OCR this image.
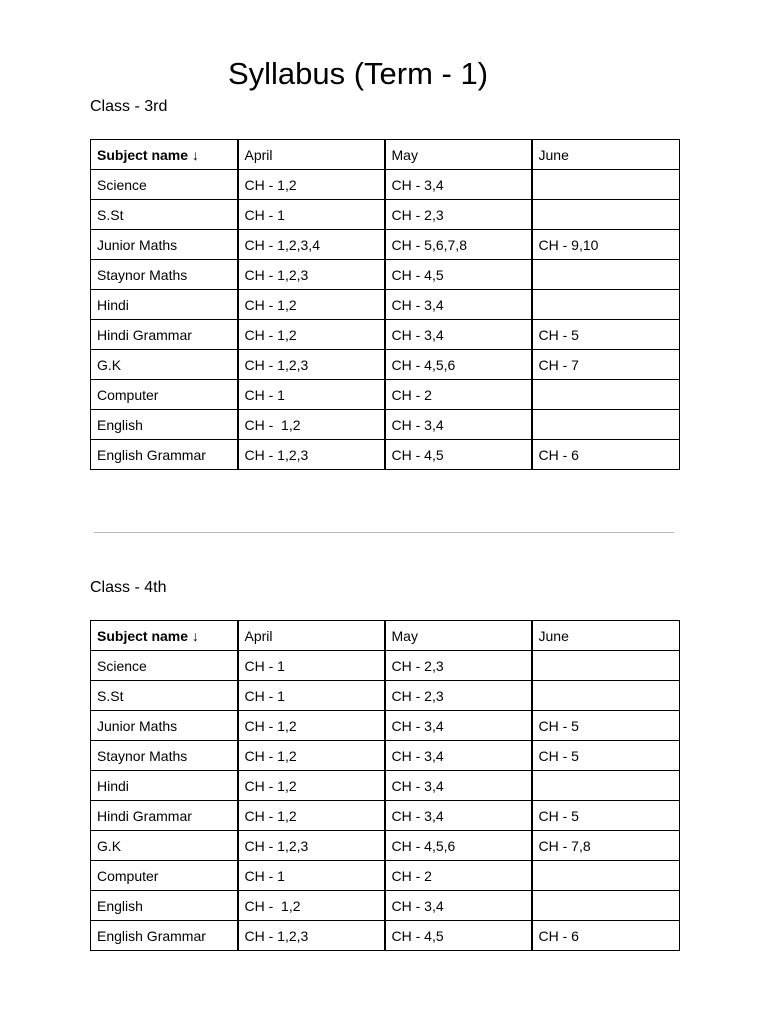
Syllabus (Term - 1)
Class - 3rd
Subject name ↓	April	May	June
Science	CH - 1,2	CH - 3,4	
S.St	CH - 1	CH - 2,3	
Junior Maths	CH - 1,2,3,4	CH - 5,6,7,8	CH - 9,10
Staynor Maths	CH - 1,2,3	CH - 4,5	
Hindi	CH - 1,2	CH - 3,4	
Hindi Grammar	CH - 1,2	CH - 3,4	CH - 5
G.K	CH - 1,2,3	CH - 4,5,6	CH - 7
Computer	CH - 1	CH - 2	
English	CH -  1,2	CH - 3,4	
English Grammar	CH - 1,2,3	CH - 4,5	CH - 6
Class - 4th
Subject name ↓	April	May	June
Science	CH - 1	CH - 2,3	
S.St	CH - 1	CH - 2,3	
Junior Maths	CH - 1,2	CH - 3,4	CH - 5
Staynor Maths	CH - 1,2	CH - 3,4	CH - 5
Hindi	CH - 1,2	CH - 3,4	
Hindi Grammar	CH - 1,2	CH - 3,4	CH - 5
G.K	CH - 1,2,3	CH - 4,5,6	CH - 7,8
Computer	CH - 1	CH - 2	
English	CH -  1,2	CH - 3,4	
English Grammar	CH - 1,2,3	CH - 4,5	CH - 6
